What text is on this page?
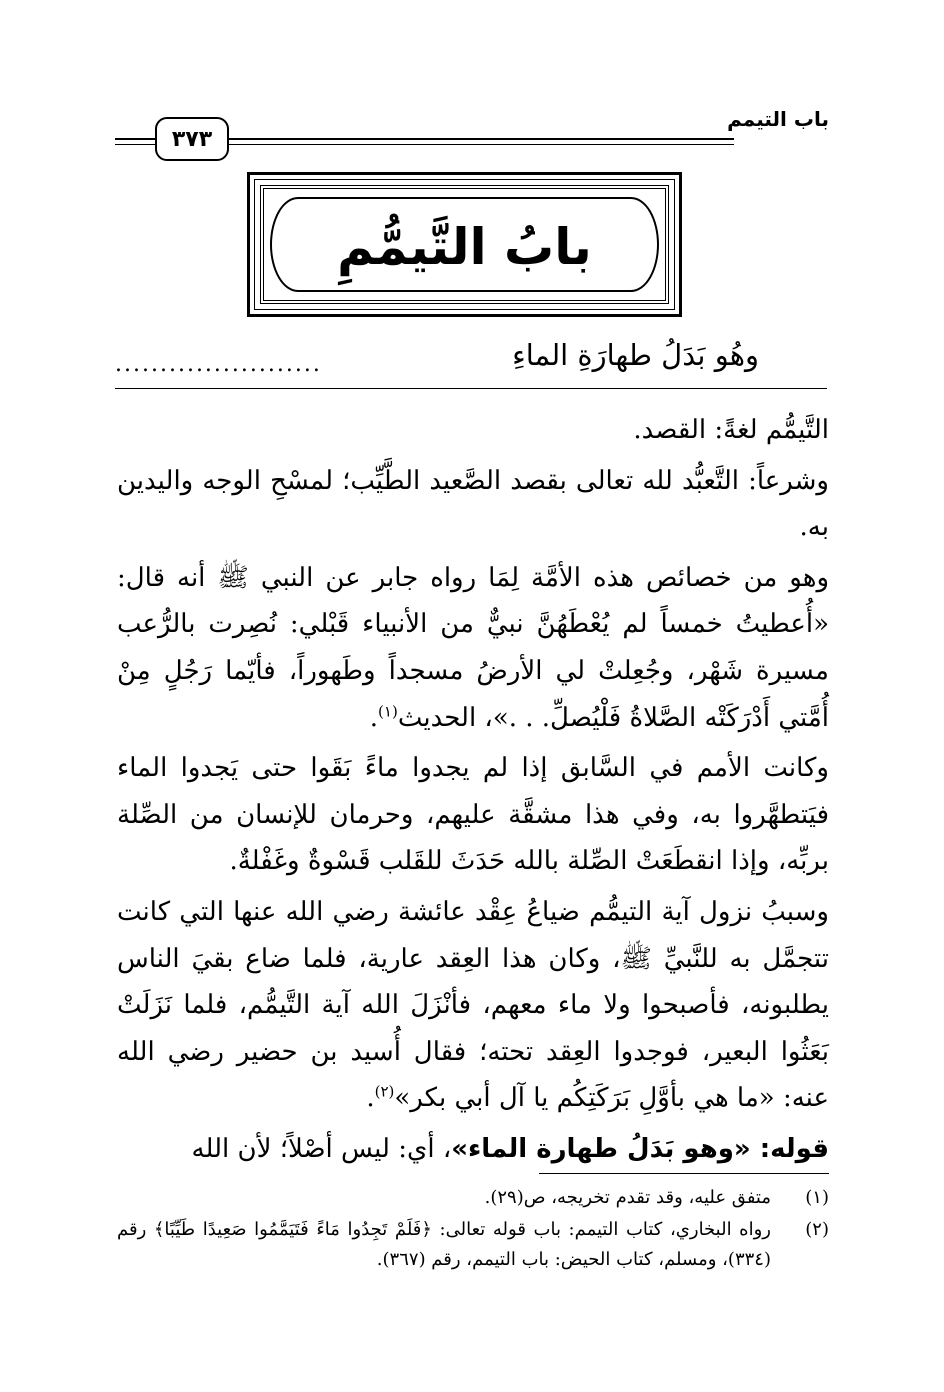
باب التيمم
٣٧٣
بابُ التَّيمُّمِ
وهُو بَدَلُ طهارَةِ الماءِ
.......................

التَّيمُّم لغةً: القصد.

وشرعاً: التَّعبُّد لله تعالى بقصد الصَّعيد الطَّيِّب؛ لمسْحِ الوجه واليدين به.

وهو من خصائص هذه الأمَّة لِمَا رواه جابر عن النبي ﷺ أنه قال: «أُعطيتُ خمساً لم يُعْطَهُنَّ نبيٌّ من الأنبياء قَبْلي: نُصِرت بالرُّعب مسيرة شَهْر، وجُعِلتْ لي الأرضُ مسجداً وطَهوراً، فأيّما رَجُلٍ مِنْ أُمَّتي أَدْرَكَتْه الصَّلاةُ فَلْيُصلِّ. . .»، الحديث$^{(١)}$.

وكانت الأمم في السَّابق إذا لم يجدوا ماءً بَقَوا حتى يَجدوا الماء فيَتطهَّروا به، وفي هذا مشقَّة عليهم، وحرمان للإنسان من الصِّلة بربِّه، وإذا انقطَعَتْ الصِّلة بالله حَدَثَ للقَلب قَسْوةٌ وغَفْلةٌ.

وسببُ نزول آية التيمُّم ضياعُ عِقْد عائشة رضي الله عنها التي كانت تتجمَّل به للنَّبيِّ ﷺ، وكان هذا العِقد عارية، فلما ضاع بقيَ الناس يطلبونه، فأصبحوا ولا ماء معهم، فأنْزَلَ الله آية التَّيمُّم، فلما نَزَلَتْ بَعَثُوا البعير، فوجدوا العِقد تحته؛ فقال أُسيد بن حضير رضي الله عنه: «ما هي بأوَّلِ بَرَكَتِكُم يا آل أبي بكر»$^{(٢)}$.

قوله: «وهو بَدَلُ طهارة الماء»، أي: ليس أصْلاً؛ لأن الله

(١)
متفق عليه، وقد تقدم تخريجه، ص(٢٩).
(٢)
رواه البخاري، كتاب التيمم: باب قوله تعالى: ﴿فَلَمْ تَجِدُوا مَاءً فَتَيَمَّمُوا صَعِيدًا طَيِّبًا﴾ رقم (٣٣٤)، ومسلم، كتاب الحيض: باب التيمم، رقم (٣٦٧).
